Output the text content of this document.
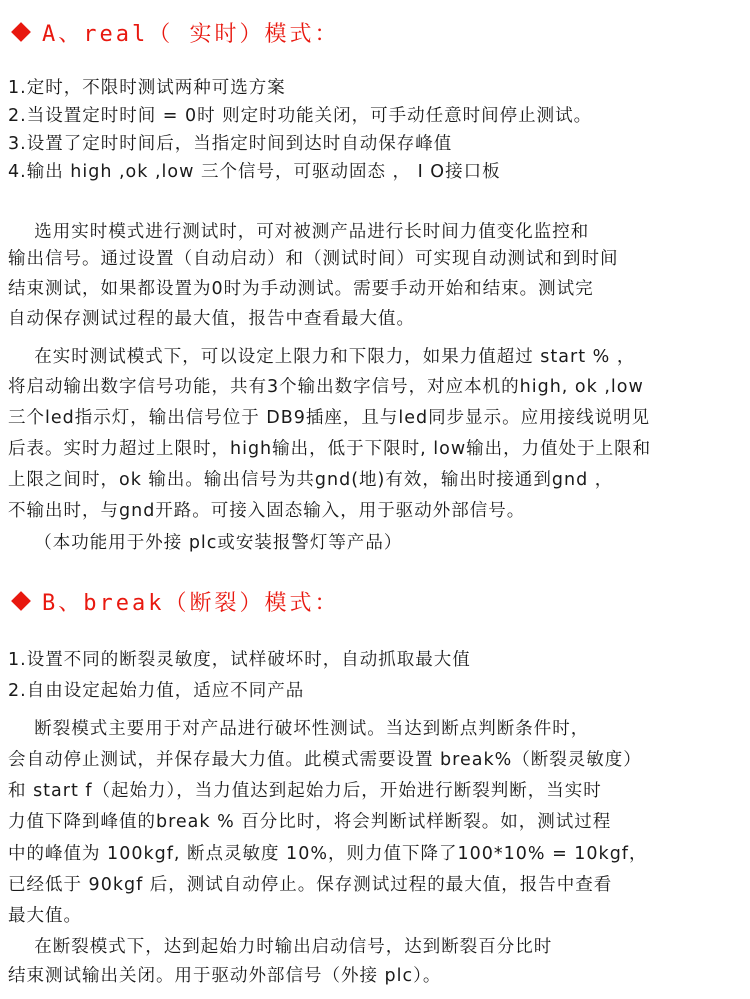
A、real（ 实时）模式：
1.定时，不限时测试两种可选方案
2.当设置定时时间 = 0时 则定时功能关闭，可手动任意时间停止测试。
3.设置了定时时间后，当指定时间到达时自动保存峰值
4.输出 high ,ok ,low 三个信号，可驱动固态 ， I O接口板
选用实时模式进行测试时，可对被测产品进行长时间力值变化监控和
输出信号。通过设置（自动启动）和（测试时间）可实现自动测试和到时间
结束测试，如果都设置为0时为手动测试。需要手动开始和结束。测试完
自动保存测试过程的最大值，报告中查看最大值。
在实时测试模式下，可以设定上限力和下限力，如果力值超过 start % ，
将启动输出数字信号功能，共有3个输出数字信号，对应本机的high, ok ,low
三个led指示灯，输出信号位于 DB9插座，且与led同步显示。应用接线说明见
后表。实时力超过上限时，high输出，低于下限时, low输出，力值处于上限和
上限之间时，ok 输出。输出信号为共gnd(地)有效，输出时接通到gnd ，
不输出时，与gnd开路。可接入固态输入，用于驱动外部信号。
（本功能用于外接 plc或安装报警灯等产品）
B、break（断裂）模式：
1.设置不同的断裂灵敏度，试样破坏时，自动抓取最大值
2.自由设定起始力值，适应不同产品
断裂模式主要用于对产品进行破坏性测试。当达到断点判断条件时，
会自动停止测试，并保存最大力值。此模式需要设置 break%（断裂灵敏度）
和 start f（起始力），当力值达到起始力后，开始进行断裂判断，当实时
力值下降到峰值的break % 百分比时，将会判断试样断裂。如，测试过程
中的峰值为 100kgf, 断点灵敏度 10%，则力值下降了100*10% = 10kgf，
已经低于 90kgf 后，测试自动停止。保存测试过程的最大值，报告中查看
最大值。
在断裂模式下，达到起始力时输出启动信号，达到断裂百分比时
结束测试输出关闭。用于驱动外部信号（外接 plc）。
